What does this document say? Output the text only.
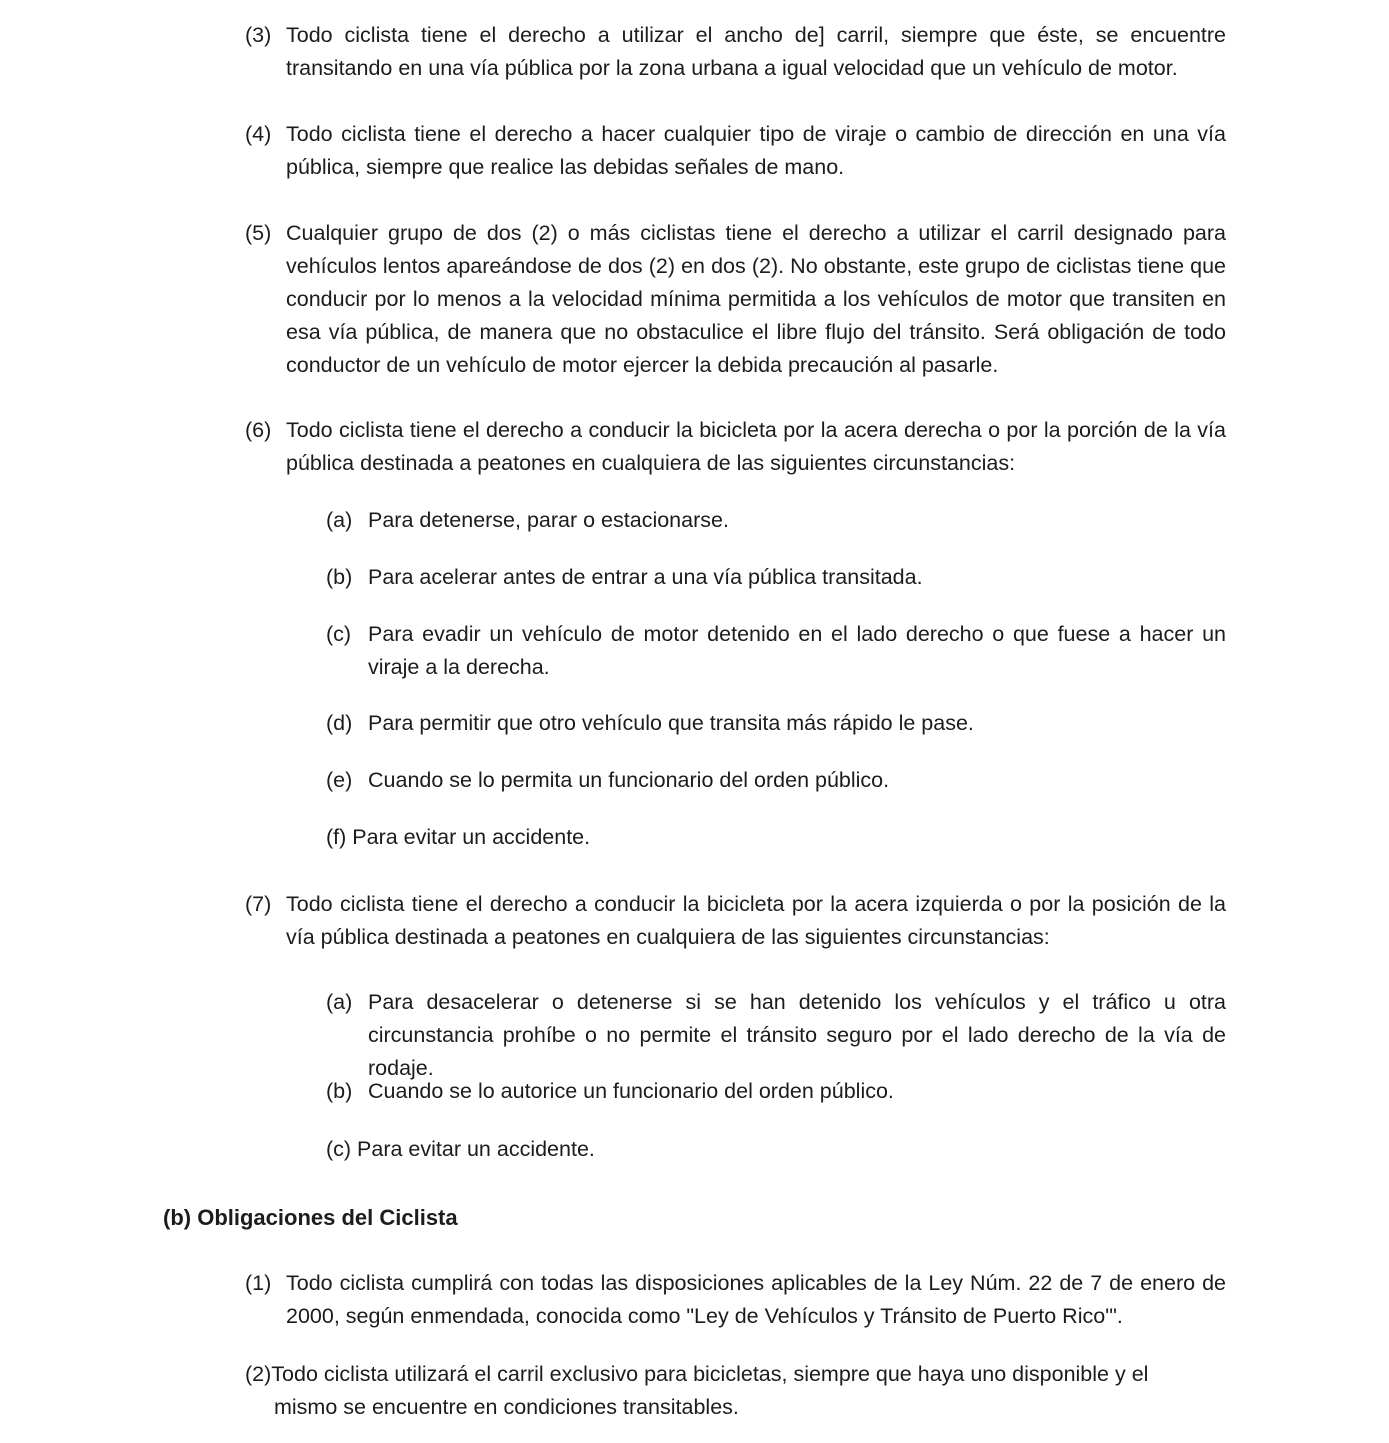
(3) Todo ciclista tiene el derecho a utilizar el ancho de] carril, siempre que éste, se encuentre transitando en una vía pública por la zona urbana a igual velocidad que un vehículo de motor.
(4) Todo ciclista tiene el derecho a hacer cualquier tipo de viraje o cambio de dirección en una vía pública, siempre que realice las debidas señales de mano.
(5) Cualquier grupo de dos (2) o más ciclistas tiene el derecho a utilizar el carril designado para vehículos lentos apareándose de dos (2) en dos (2). No obstante, este grupo de ciclistas tiene que conducir por lo menos a la velocidad mínima permitida a los vehículos de motor que transiten en esa vía pública, de manera que no obstaculice el libre flujo del tránsito. Será obligación de todo conductor de un vehículo de motor ejercer la debida precaución al pasarle.
(6) Todo ciclista tiene el derecho a conducir la bicicleta por la acera derecha o por la porción de la vía pública destinada a peatones en cualquiera de las siguientes circunstancias:
(a) Para detenerse, parar o estacionarse.
(b) Para acelerar antes de entrar a una vía pública transitada.
(c) Para evadir un vehículo de motor detenido en el lado derecho o que fuese a hacer un viraje a la derecha.
(d) Para permitir que otro vehículo que transita más rápido le pase.
(e) Cuando se lo permita un funcionario del orden público.
(f) Para evitar un accidente.
(7) Todo ciclista tiene el derecho a conducir la bicicleta por la acera izquierda o por la posición de la vía pública destinada a peatones en cualquiera de las siguientes circunstancias:
(a) Para desacelerar o detenerse si se han detenido los vehículos y el tráfico u otra circunstancia prohíbe o no permite el tránsito seguro por el lado derecho de la vía de rodaje.
(b) Cuando se lo autorice un funcionario del orden público.
(c) Para evitar un accidente.
(b) Obligaciones del Ciclista
(1) Todo ciclista cumplirá con todas las disposiciones aplicables de la Ley Núm. 22 de 7 de enero de 2000, según enmendada, conocida como "Ley de Vehículos y Tránsito de Puerto Rico'".
(2)Todo ciclista utilizará el carril exclusivo para bicicletas, siempre que haya uno disponible y el mismo se encuentre en condiciones transitables.
